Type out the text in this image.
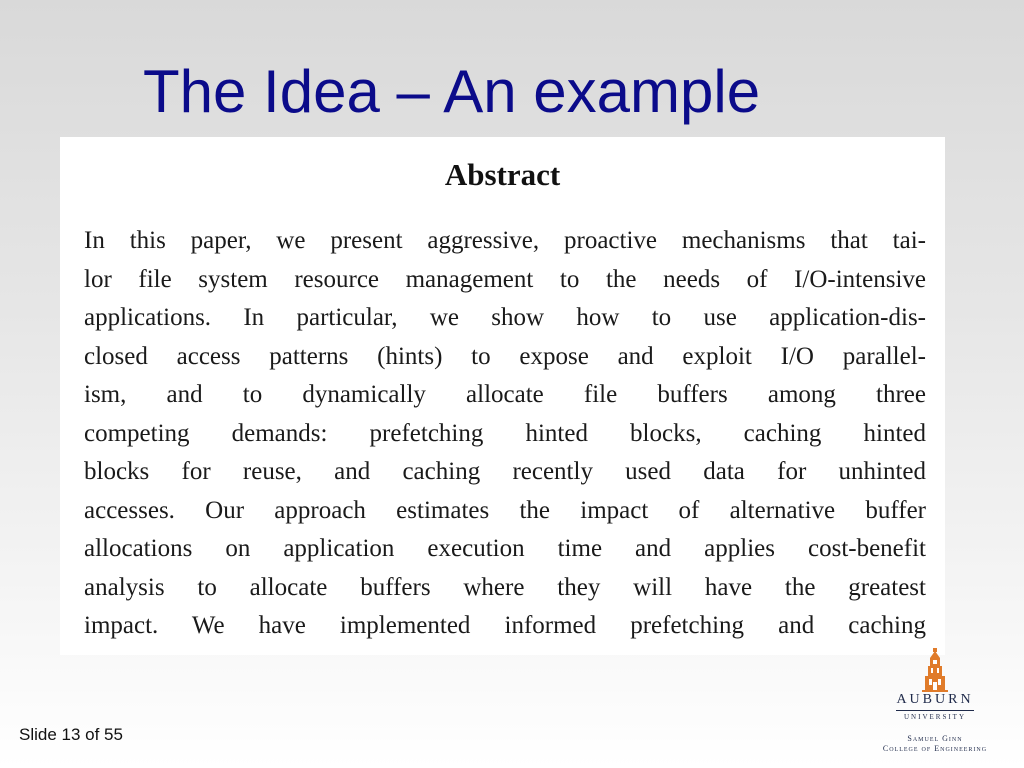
The Idea – An example
Abstract
In this paper, we present aggressive, proactive mechanisms that tai-
lor file system resource management to the needs of I/O-intensive
applications. In particular, we show how to use application-dis-
closed access patterns (hints) to expose and exploit I/O parallel-
ism, and to dynamically allocate file buffers among three
competing demands: prefetching hinted blocks, caching hinted
blocks for reuse, and caching recently used data for unhinted
accesses. Our approach estimates the impact of alternative buffer
allocations on application execution time and applies cost-benefit
analysis to allocate buffers where they will have the greatest
impact. We have implemented informed prefetching and caching
Slide 13 of 55
AUBURN
UNIVERSITY
Samuel Ginn
College of Engineering
